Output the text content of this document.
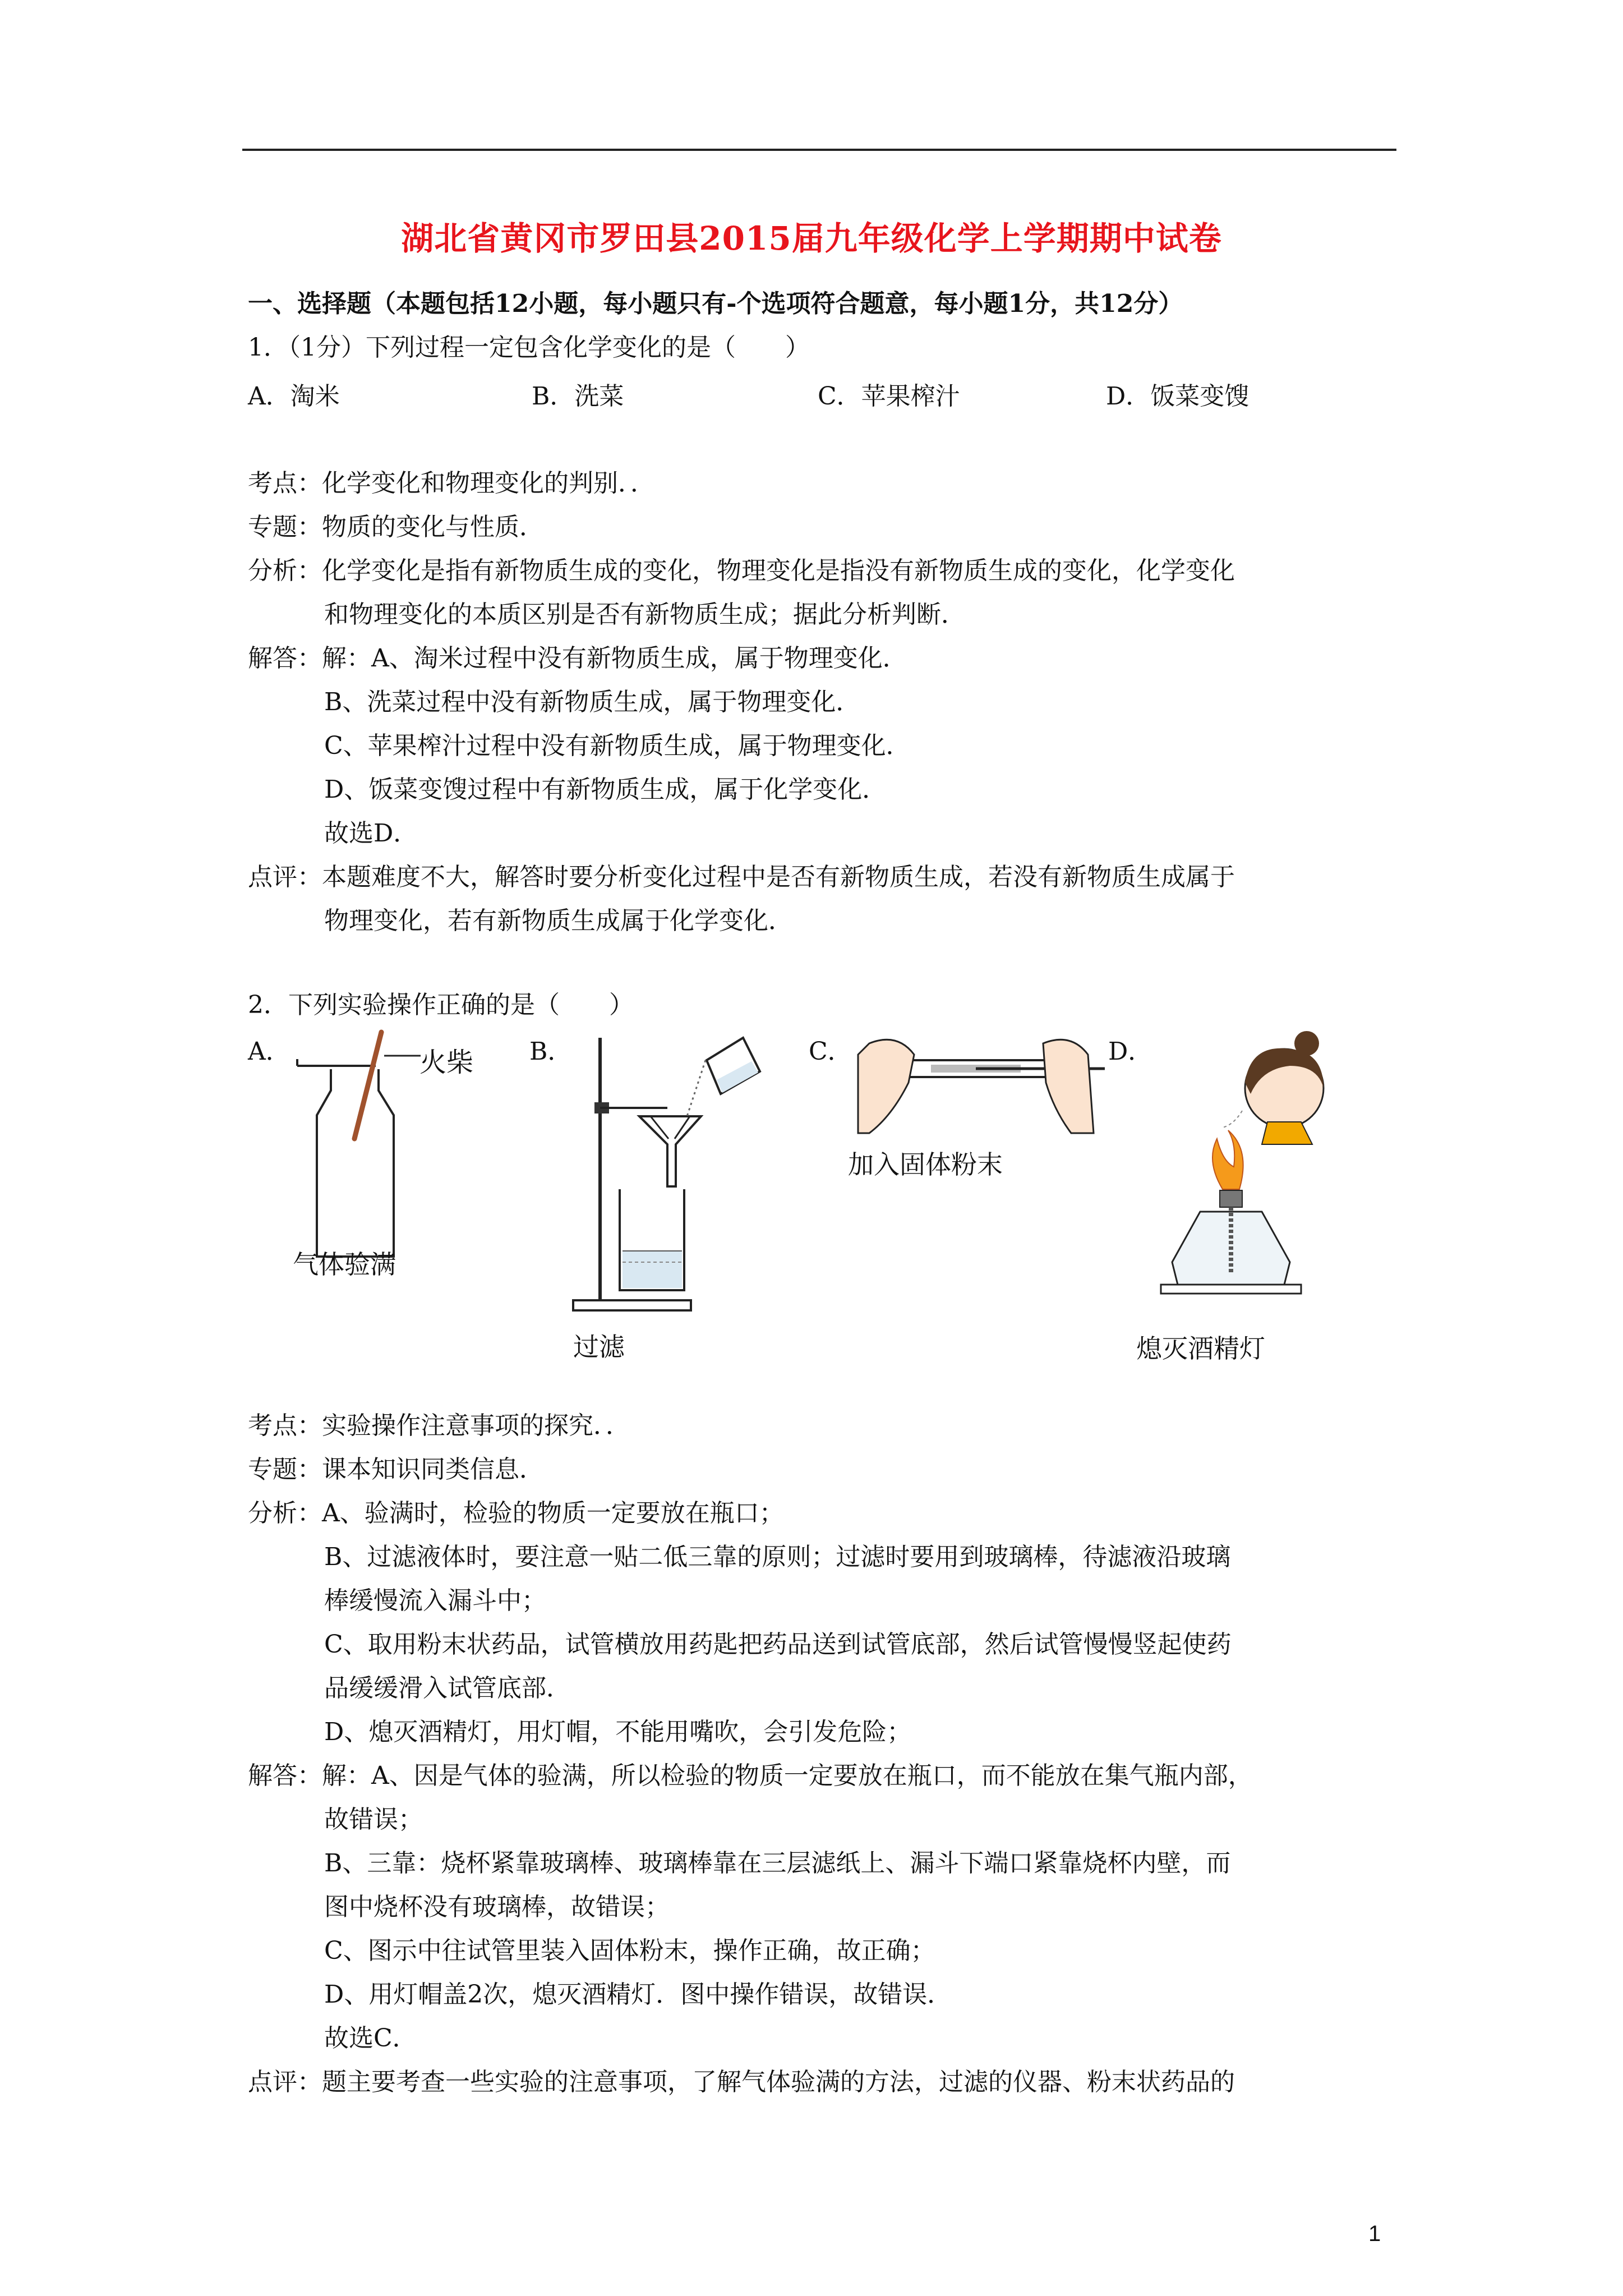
湖北省黄冈市罗田县2015届九年级化学上学期期中试卷
一、选择题（本题包括12小题，每小题只有-个选项符合题意，每小题1分，共12分）
1．（1分）下列过程一定包含化学变化的是（　　）
A．淘米	B．洗菜	C．苹果榨汁	D．饭菜变馊
考点：化学变化和物理变化的判别．．
专题：物质的变化与性质．
分析：化学变化是指有新物质生成的变化，物理变化是指没有新物质生成的变化，化学变化
和物理变化的本质区别是否有新物质生成；据此分析判断．
解答：解：A、淘米过程中没有新物质生成，属于物理变化．
B、洗菜过程中没有新物质生成，属于物理变化．
C、苹果榨汁过程中没有新物质生成，属于物理变化．
D、饭菜变馊过程中有新物质生成，属于化学变化．
故选D．
点评：本题难度不大，解答时要分析变化过程中是否有新物质生成，若没有新物质生成属于
物理变化，若有新物质生成属于化学变化．
2．下列实验操作正确的是（　　）
A．	B．	C．	D．
火柴
气体验满
过滤
加入固体粉末
熄灭酒精灯
考点：实验操作注意事项的探究．．
专题：课本知识同类信息．
分析：A、验满时，检验的物质一定要放在瓶口；
B、过滤液体时，要注意一贴二低三靠的原则；过滤时要用到玻璃棒，待滤液沿玻璃
棒缓慢流入漏斗中；
C、取用粉末状药品，试管横放用药匙把药品送到试管底部，然后试管慢慢竖起使药
品缓缓滑入试管底部．
D、熄灭酒精灯，用灯帽，不能用嘴吹，会引发危险；
解答：解：A、因是气体的验满，所以检验的物质一定要放在瓶口，而不能放在集气瓶内部，
故错误；
B、三靠：烧杯紧靠玻璃棒、玻璃棒靠在三层滤纸上、漏斗下端口紧靠烧杯内壁，而
图中烧杯没有玻璃棒，故错误；
C、图示中往试管里装入固体粉末，操作正确，故正确；
D、用灯帽盖2次，熄灭酒精灯．图中操作错误，故错误．
故选C．
点评：题主要考查一些实验的注意事项，了解气体验满的方法，过滤的仪器、粉末状药品的
1
